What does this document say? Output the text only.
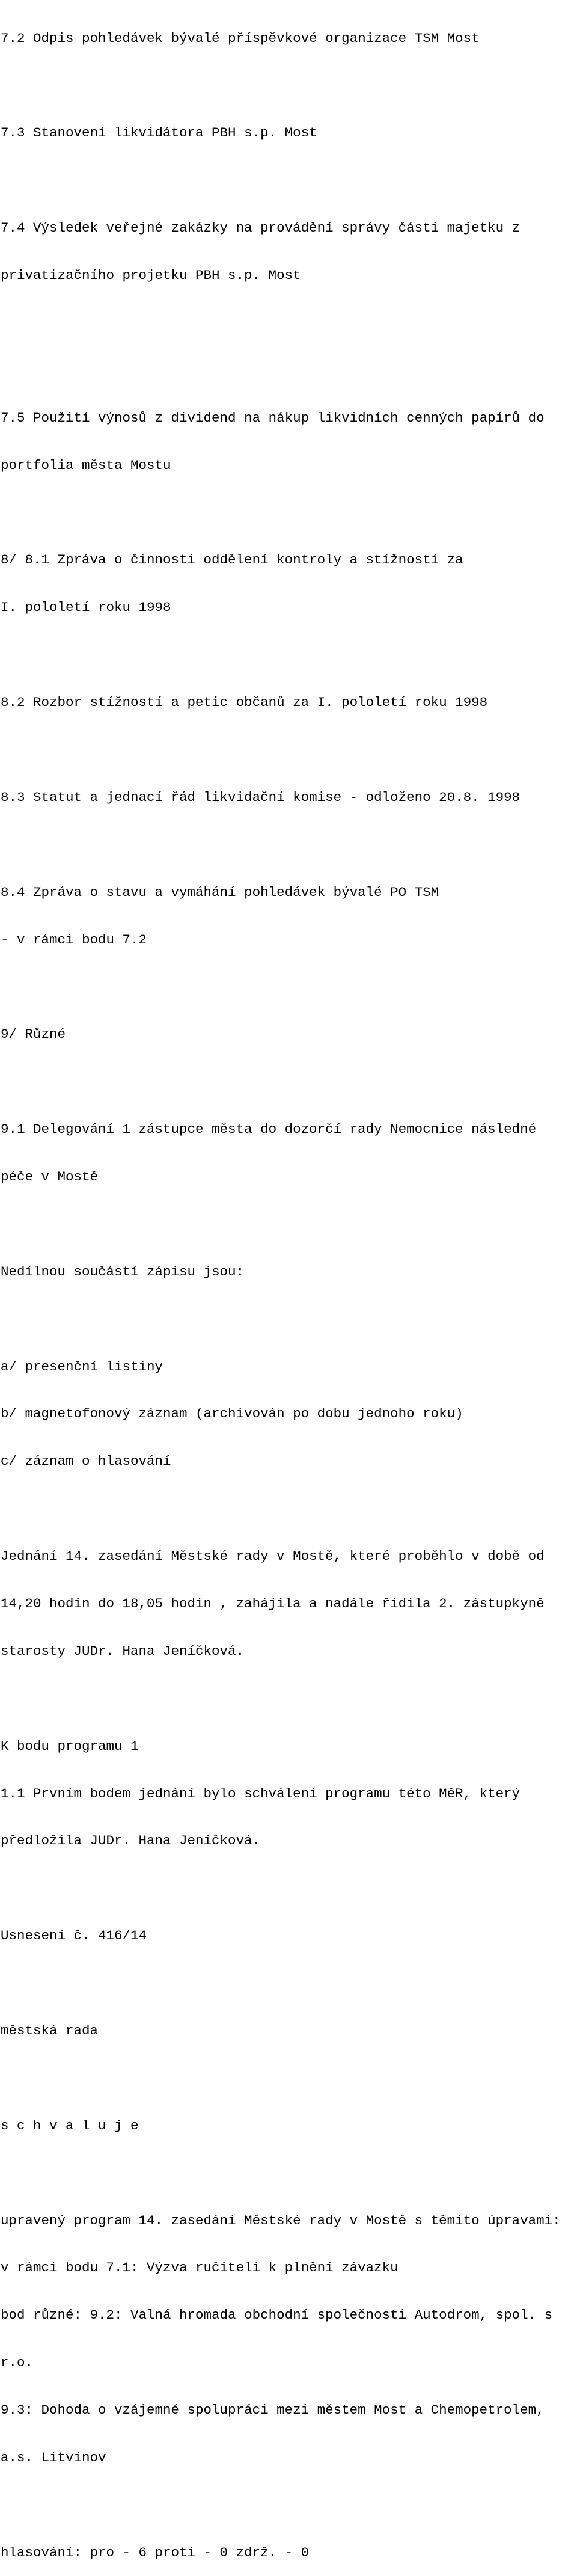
7.2 Odpis pohledávek bývalé příspěvkové organizace TSM Most

7.3 Stanovení likvidátora PBH s.p. Most

7.4 Výsledek veřejné zakázky na provádění správy části majetku z

privatizačního projetku PBH s.p. Most

7.5 Použití výnosů z dividend na nákup likvidních cenných papírů do

portfolia města Mostu

8/ 8.1 Zpráva o činnosti oddělení kontroly a stížností za

I. pololetí roku 1998

8.2 Rozbor stížností a petic občanů za I. pololetí roku 1998

8.3 Statut a jednací řád likvidační komise - odloženo 20.8. 1998

8.4 Zpráva o stavu a vymáhání pohledávek bývalé PO TSM

- v rámci bodu 7.2

9/ Různé

9.1 Delegování 1 zástupce města do dozorčí rady Nemocnice následné

péče v Mostě

Nedílnou součástí zápisu jsou:

a/ presenční listiny

b/ magnetofonový záznam (archivován po dobu jednoho roku)

c/ záznam o hlasování

Jednání 14. zasedání Městské rady v Mostě, které proběhlo v době od

14,20 hodin do 18,05 hodin , zahájila a nadále řídila 2. zástupkyně

starosty JUDr. Hana Jeníčková.

K bodu programu 1

1.1 Prvním bodem jednání bylo schválení programu této MěR, který

předložila JUDr. Hana Jeníčková.

Usnesení č. 416/14

městská rada

s c h v a l u j e

upravený program 14. zasedání Městské rady v Mostě s těmito úpravami:

v rámci bodu 7.1: Výzva ručiteli k plnění závazku

bod různé: 9.2: Valná hromada obchodní společnosti Autodrom, spol. s

r.o.

9.3: Dohoda o vzájemné spolupráci mezi městem Most a Chemopetrolem,

a.s. Litvínov

hlasování: pro - 6 proti - 0 zdrž. - 0
